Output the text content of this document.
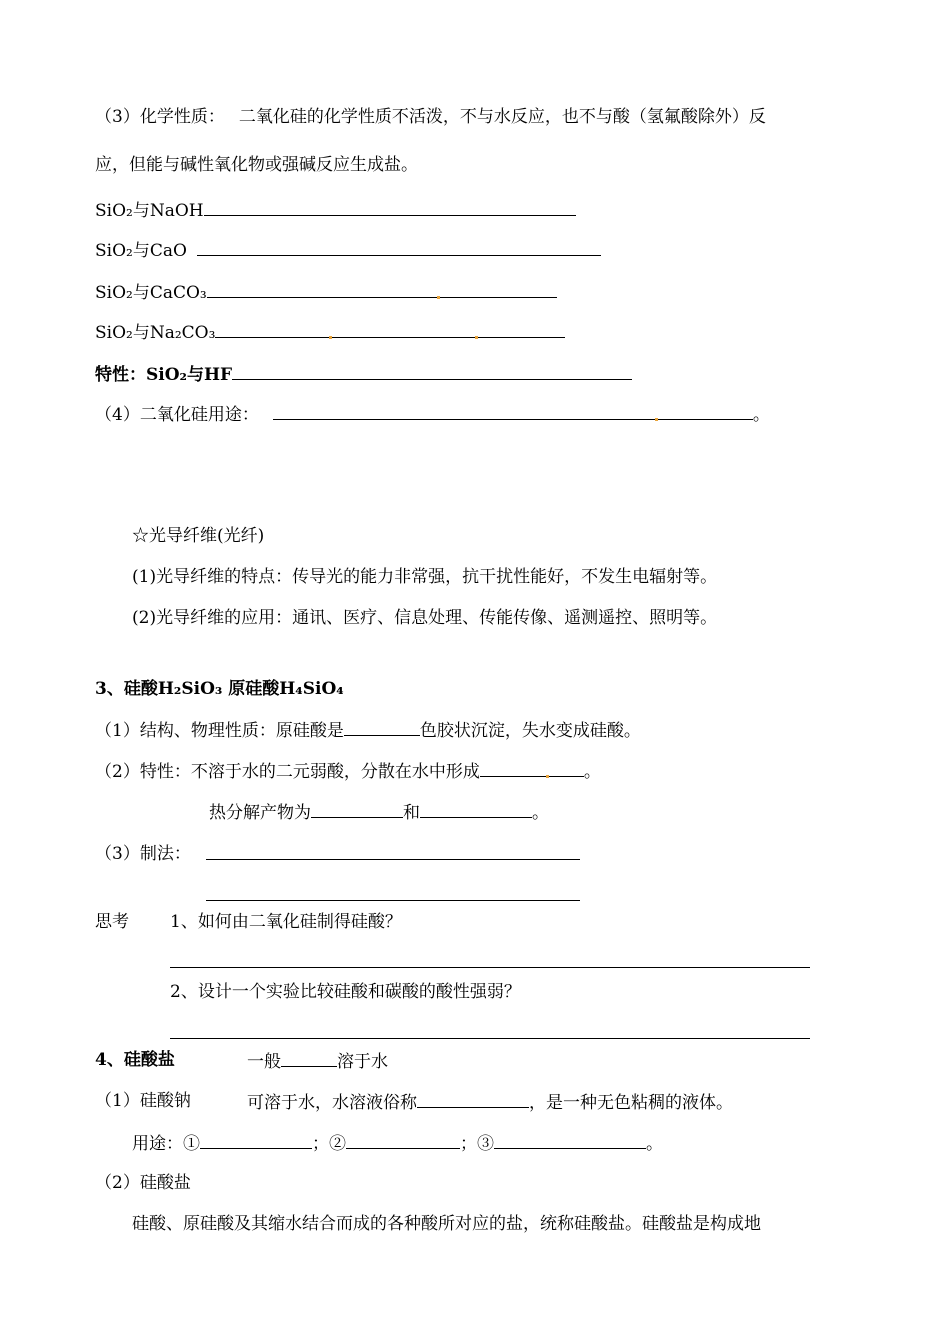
（3）化学性质： 二氧化硅的化学性质不活泼，不与水反应，也不与酸（氢氟酸除外）反
应，但能与碱性氧化物或强碱反应生成盐。
SiO₂与NaOH
SiO₂与CaO
SiO₂与CaCO₃
SiO₂与Na₂CO₃
特性：SiO₂与HF
（4）二氧化硅用途：	。
☆光导纤维(光纤)
(1)光导纤维的特点：传导光的能力非常强，抗干扰性能好，不发生电辐射等。
(2)光导纤维的应用：通讯、医疗、信息处理、传能传像、遥测遥控、照明等。
3、硅酸H₂SiO₃ 原硅酸H₄SiO₄
（1）结构、物理性质：原硅酸是	色胶状沉淀，失水变成硅酸。
（2）特性：不溶于水的二元弱酸，分散在水中形成	。
热分解产物为	和	。
（3）制法：
思考 1、如何由二氧化硅制得硅酸？
2、设计一个实验比较硅酸和碳酸的酸性强弱？
4、硅酸盐	一般	溶于水
（1）硅酸钠	可溶于水，水溶液俗称	，是一种无色粘稠的液体。
用途：①	；②	；③	。
（2）硅酸盐
硅酸、原硅酸及其缩水结合而成的各种酸所对应的盐，统称硅酸盐。硅酸盐是构成地
